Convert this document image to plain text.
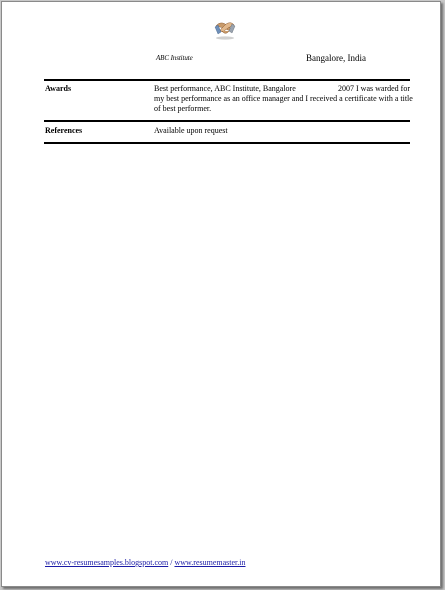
ABC Institute	Bangalore, India
Awards	Best performance, ABC Institute, Bangalore	2007 I was warded for
my best performance as an office manager and I received a certificate with a title
of best performer.
References	Available upon request
www.cv-resumesamples.blogspot.com / www.resumemaster.in
